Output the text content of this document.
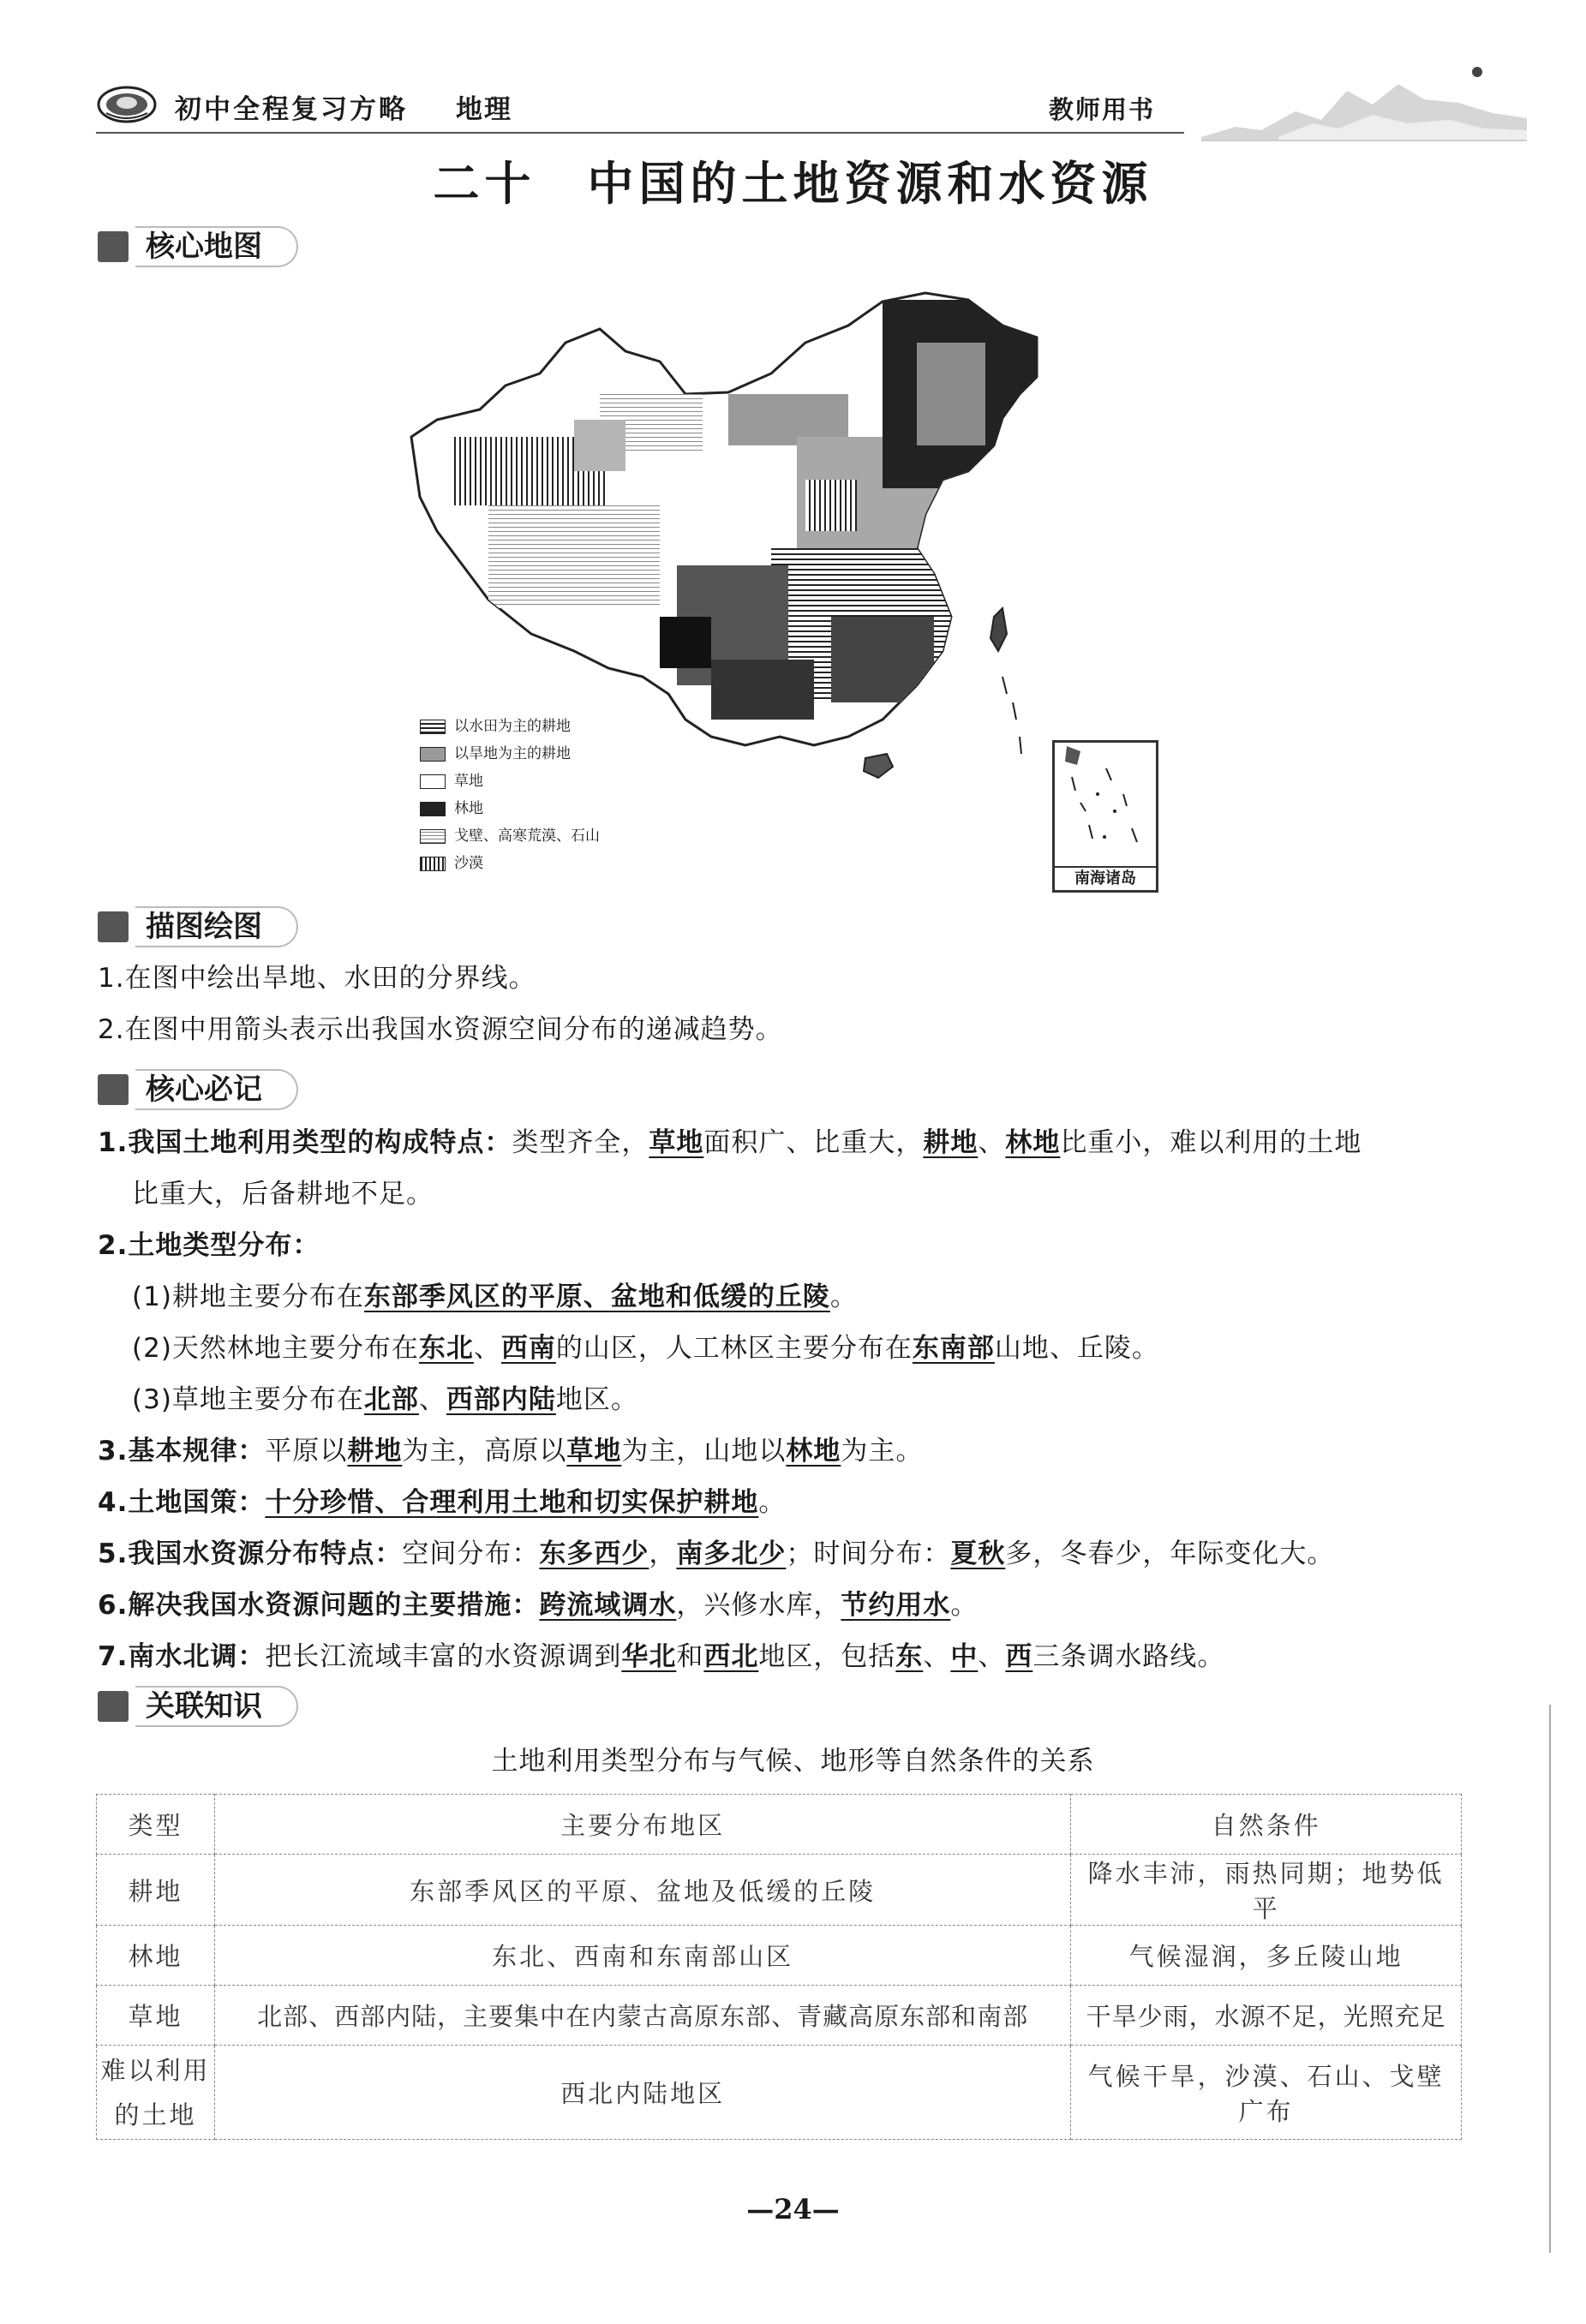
初中全程复习方略 地理	教师用书
二十　中国的土地资源和水资源
核心地图
以水田为主的耕地
以旱地为主的耕地
草地
林地
戈壁、高寒荒漠、石山
沙漠
南海诸岛
描图绘图
1.在图中绘出旱地、水田的分界线。
2.在图中用箭头表示出我国水资源空间分布的递减趋势。
核心必记
1.我国土地利用类型的构成特点：类型齐全，草地面积广、比重大，耕地、林地比重小，难以利用的土地
比重大，后备耕地不足。
2.土地类型分布：
(1)耕地主要分布在东部季风区的平原、盆地和低缓的丘陵。
(2)天然林地主要分布在东北、西南的山区，人工林区主要分布在东南部山地、丘陵。
(3)草地主要分布在北部、西部内陆地区。
3.基本规律：平原以耕地为主，高原以草地为主，山地以林地为主。
4.土地国策：十分珍惜、合理利用土地和切实保护耕地。
5.我国水资源分布特点：空间分布：东多西少，南多北少；时间分布：夏秋多，冬春少，年际变化大。
6.解决我国水资源问题的主要措施：跨流域调水，兴修水库，节约用水。
7.南水北调：把长江流域丰富的水资源调到华北和西北地区，包括东、中、西三条调水路线。
关联知识
土地利用类型分布与气候、地形等自然条件的关系
类型	主要分布地区	自然条件
耕地	东部季风区的平原、盆地及低缓的丘陵	降水丰沛，雨热同期；地势低平
林地	东北、西南和东南部山区	气候湿润，多丘陵山地
草地	北部、西部内陆，主要集中在内蒙古高原东部、青藏高原东部和南部	干旱少雨，水源不足，光照充足
难以利用
的土地	西北内陆地区	气候干旱，沙漠、石山、戈壁广布
—24—
